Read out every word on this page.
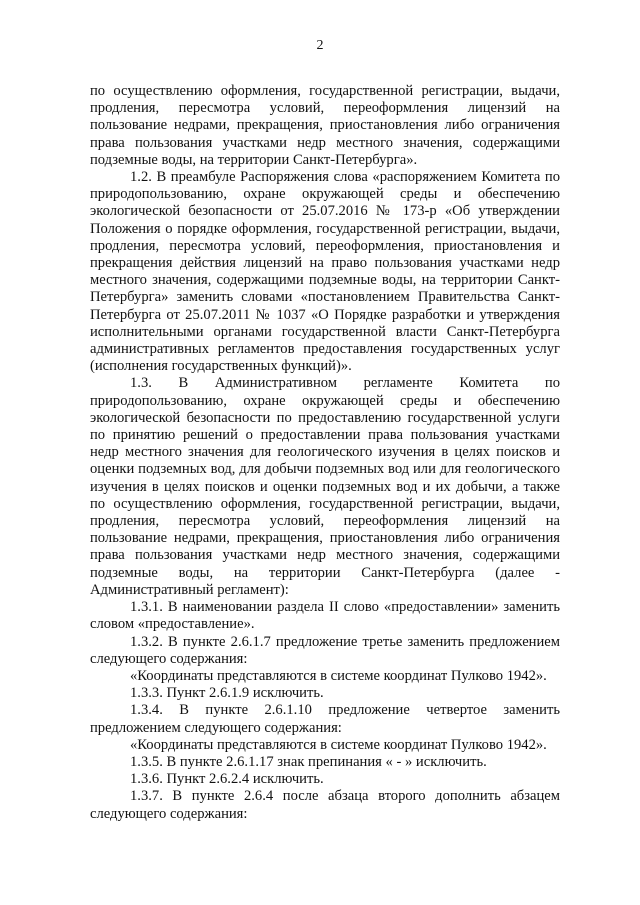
2

по осуществлению оформления, государственной регистрации, выдачи, продления, пересмотра условий, переоформления лицензий на пользование недрами, прекращения, приостановления либо ограничения права пользования участками недр местного значения, содержащими подземные воды, на территории Санкт-Петербурга».

1.2. В преамбуле Распоряжения слова «распоряжением Комитета по природопользованию, охране окружающей среды и обеспечению экологической безопасности от 25.07.2016 № 173-р «Об утверждении Положения о порядке оформления, государственной регистрации, выдачи, продления, пересмотра условий, переоформления, приостановления и прекращения действия лицензий на право пользования участками недр местного значения, содержащими подземные воды, на территории Санкт-Петербурга» заменить словами «постановлением Правительства Санкт-Петербурга от 25.07.2011 № 1037 «О Порядке разработки и утверждения исполнительными органами государственной власти Санкт-Петербурга административных регламентов предоставления государственных услуг (исполнения государственных функций)».

1.3. В Административном регламенте Комитета по природопользованию, охране окружающей среды и обеспечению экологической безопасности по предоставлению государственной услуги по принятию решений о предоставлении права пользования участками недр местного значения для геологического изучения в целях поисков и оценки подземных вод, для добычи подземных вод или для геологического изучения в целях поисков и оценки подземных вод и их добычи, а также по осуществлению оформления, государственной регистрации, выдачи, продления, пересмотра условий, переоформления лицензий на пользование недрами, прекращения, приостановления либо ограничения права пользования участками недр местного значения, содержащими подземные воды, на территории Санкт-Петербурга (далее - Административный регламент):

1.3.1. В наименовании раздела II слово «предоставлении» заменить словом «предоставление».

1.3.2. В пункте 2.6.1.7 предложение третье заменить предложением следующего содержания:

«Координаты представляются в системе координат Пулково 1942».

1.3.3. Пункт 2.6.1.9 исключить.

1.3.4. В пункте 2.6.1.10 предложение четвертое заменить предложением следующего содержания:

«Координаты представляются в системе координат Пулково 1942».

1.3.5. В пункте 2.6.1.17 знак препинания « - » исключить.

1.3.6. Пункт 2.6.2.4 исключить.

1.3.7. В пункте 2.6.4 после абзаца второго дополнить абзацем следующего содержания:
